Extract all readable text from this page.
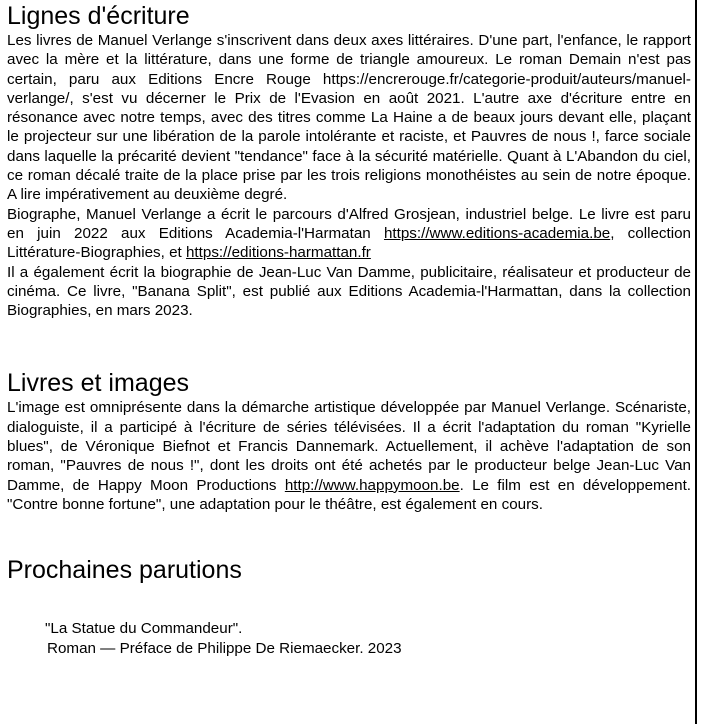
Lignes d'écriture

Les livres de Manuel Verlange s'inscrivent dans deux axes littéraires. D'une part, l'enfance, le rapport avec la mère et la littérature, dans une forme de triangle amoureux. Le roman Demain n'est pas certain, paru aux Editions Encre Rouge https://encrerouge.fr/categorie-produit/auteurs/manuel-verlange/, s'est vu décerner le Prix de l'Evasion en août 2021. L'autre axe d'écriture entre en résonance avec notre temps, avec des titres comme La Haine a de beaux jours devant elle, plaçant le projecteur sur une libération de la parole intolérante et raciste, et Pauvres de nous !, farce sociale dans laquelle la précarité devient "tendance" face à la sécurité matérielle. Quant à L'Abandon du ciel, ce roman décalé traite de la place prise par les trois religions monothéistes au sein de notre époque. A lire impérativement au deuxième degré.

Biographe, Manuel Verlange a écrit le parcours d'Alfred Grosjean, industriel belge. Le livre est paru en juin 2022 aux Editions Academia-l'Harmatan https://www.editions-academia.be, collection Littérature-Biographies, et https://editions-harmattan.fr

Il a également écrit la biographie de Jean-Luc Van Damme, publicitaire, réalisateur et producteur de cinéma. Ce livre, "Banana Split", est publié aux Editions Academia-l'Harmattan, dans la collection Biographies, en mars 2023.

Livres et images

L'image est omniprésente dans la démarche artistique développée par Manuel Verlange. Scénariste, dialoguiste, il a participé à l'écriture de séries télévisées. Il a écrit l'adaptation du roman "Kyrielle blues", de Véronique Biefnot et Francis Dannemark. Actuellement, il achève l'adaptation de son roman, "Pauvres de nous !", dont les droits ont été achetés par le producteur belge Jean-Luc Van Damme, de Happy Moon Productions http://www.happymoon.be. Le film est en développement. "Contre bonne fortune", une adaptation pour le théâtre, est également en cours.

Prochaines parutions
"La Statue du Commandeur".
Roman — Préface de Philippe De Riemaecker. 2023
